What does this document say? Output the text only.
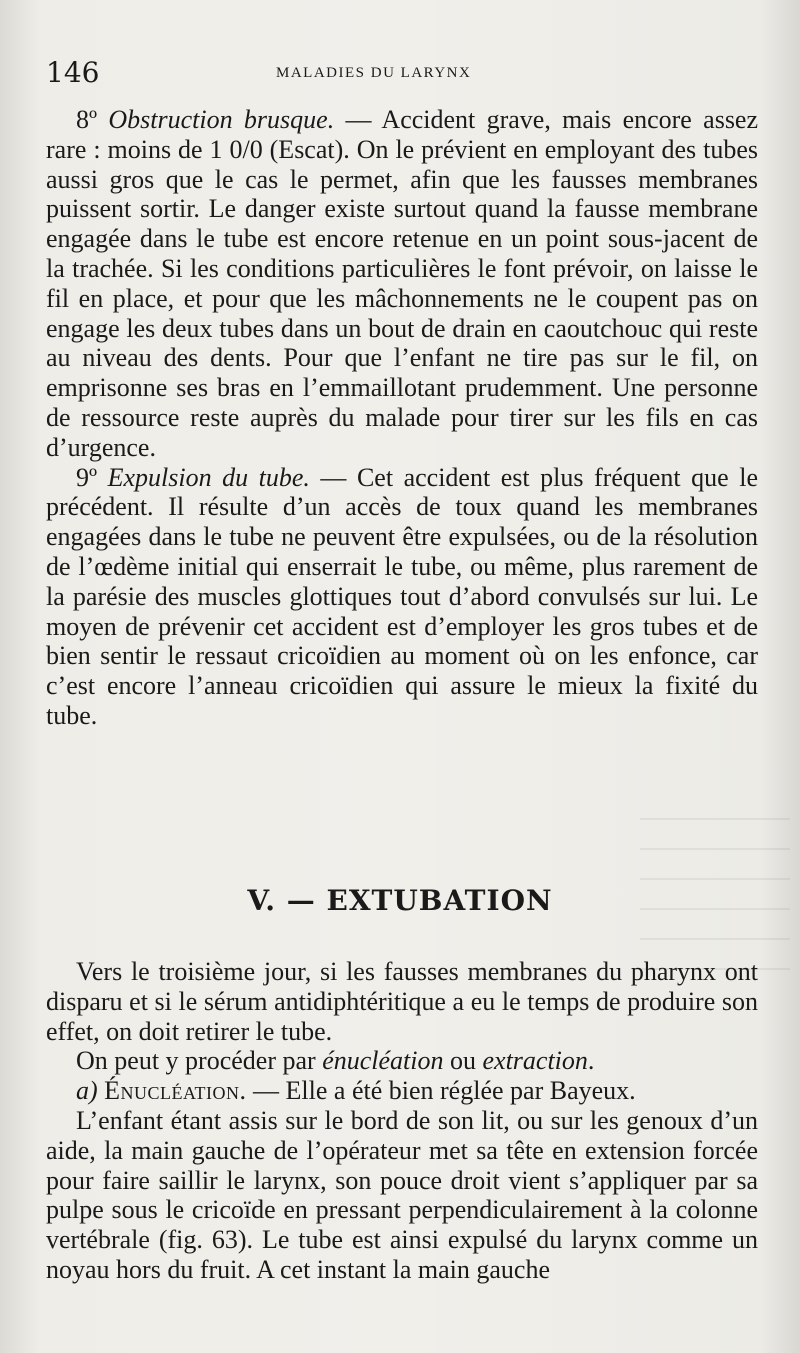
146	MALADIES DU LARYNX

8º Obstruction brusque. — Accident grave, mais encore assez rare : moins de 1 0/0 (Escat). On le prévient en employant des tubes aussi gros que le cas le permet, afin que les fausses membranes puissent sortir. Le danger existe surtout quand la fausse membrane engagée dans le tube est encore retenue en un point sous-jacent de la trachée. Si les conditions particulières le font prévoir, on laisse le fil en place, et pour que les mâchonnements ne le coupent pas on engage les deux tubes dans un bout de drain en caoutchouc qui reste au niveau des dents. Pour que l’enfant ne tire pas sur le fil, on emprisonne ses bras en l’emmaillotant prudemment. Une personne de ressource reste auprès du malade pour tirer sur les fils en cas d’urgence.

9º Expulsion du tube. — Cet accident est plus fréquent que le précédent. Il résulte d’un accès de toux quand les membranes engagées dans le tube ne peuvent être expulsées, ou de la résolution de l’œdème initial qui enserrait le tube, ou même, plus rarement de la parésie des muscles glottiques tout d’abord convulsés sur lui. Le moyen de prévenir cet accident est d’employer les gros tubes et de bien sentir le ressaut cricoïdien au moment où on les enfonce, car c’est encore l’anneau cricoïdien qui assure le mieux la fixité du tube.

V. — EXTUBATION

Vers le troisième jour, si les fausses membranes du pharynx ont disparu et si le sérum antidiphtéritique a eu le temps de produire son effet, on doit retirer le tube.

On peut y procéder par énucléation ou extraction.

a) Énucléation. — Elle a été bien réglée par Bayeux.

L’enfant étant assis sur le bord de son lit, ou sur les genoux d’un aide, la main gauche de l’opérateur met sa tête en extension forcée pour faire saillir le larynx, son pouce droit vient s’appliquer par sa pulpe sous le cricoïde en pressant perpendiculairement à la colonne vertébrale (fig. 63). Le tube est ainsi expulsé du larynx comme un noyau hors du fruit. A cet instant la main gauche
